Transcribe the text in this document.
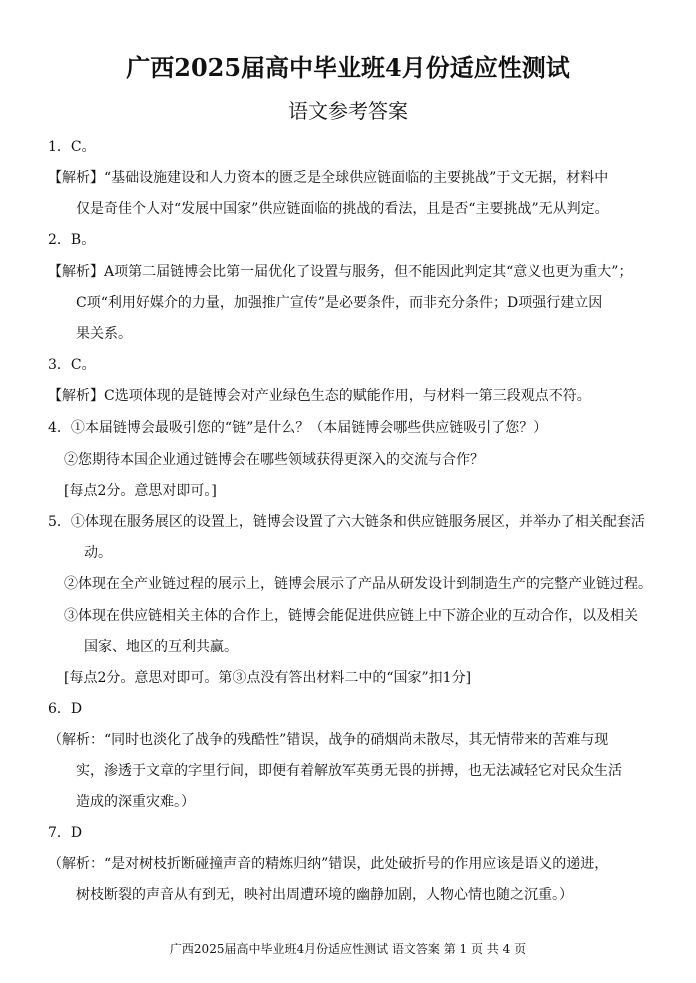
广西2025届高中毕业班4月份适应性测试
语文参考答案
1．C。
【解析】“基础设施建设和人力资本的匮乏是全球供应链面临的主要挑战”于文无据，材料中
仅是奇佳个人对“发展中国家”供应链面临的挑战的看法，且是否“主要挑战”无从判定。
2．B。
【解析】A项第二届链博会比第一届优化了设置与服务，但不能因此判定其“意义也更为重大”；
C项“利用好媒介的力量，加强推广宣传”是必要条件，而非充分条件；D项强行建立因
果关系。
3．C。
【解析】C选项体现的是链博会对产业绿色生态的赋能作用，与材料一第三段观点不符。
4．①本届链博会最吸引您的“链”是什么？（本届链博会哪些供应链吸引了您？）
②您期待本国企业通过链博会在哪些领域获得更深入的交流与合作？
[每点2分。意思对即可。]
5．①体现在服务展区的设置上，链博会设置了六大链条和供应链服务展区，并举办了相关配套活
动。
②体现在全产业链过程的展示上，链博会展示了产品从研发设计到制造生产的完整产业链过程。
③体现在供应链相关主体的合作上，链博会能促进供应链上中下游企业的互动合作，以及相关
国家、地区的互利共赢。
[每点2分。意思对即可。第③点没有答出材料二中的“国家”扣1分]
6．D
（解析：“同时也淡化了战争的残酷性”错误，战争的硝烟尚未散尽，其无情带来的苦难与现
实，渗透于文章的字里行间，即便有着解放军英勇无畏的拼搏，也无法减轻它对民众生活
造成的深重灾难。）
7．D
（解析：“是对树枝折断碰撞声音的精炼归纳”错误，此处破折号的作用应该是语义的递进，
树枝断裂的声音从有到无，映衬出周遭环境的幽静加剧，人物心情也随之沉重。）
广西2025届高中毕业班4月份适应性测试 语文答案 第 1 页 共 4 页
